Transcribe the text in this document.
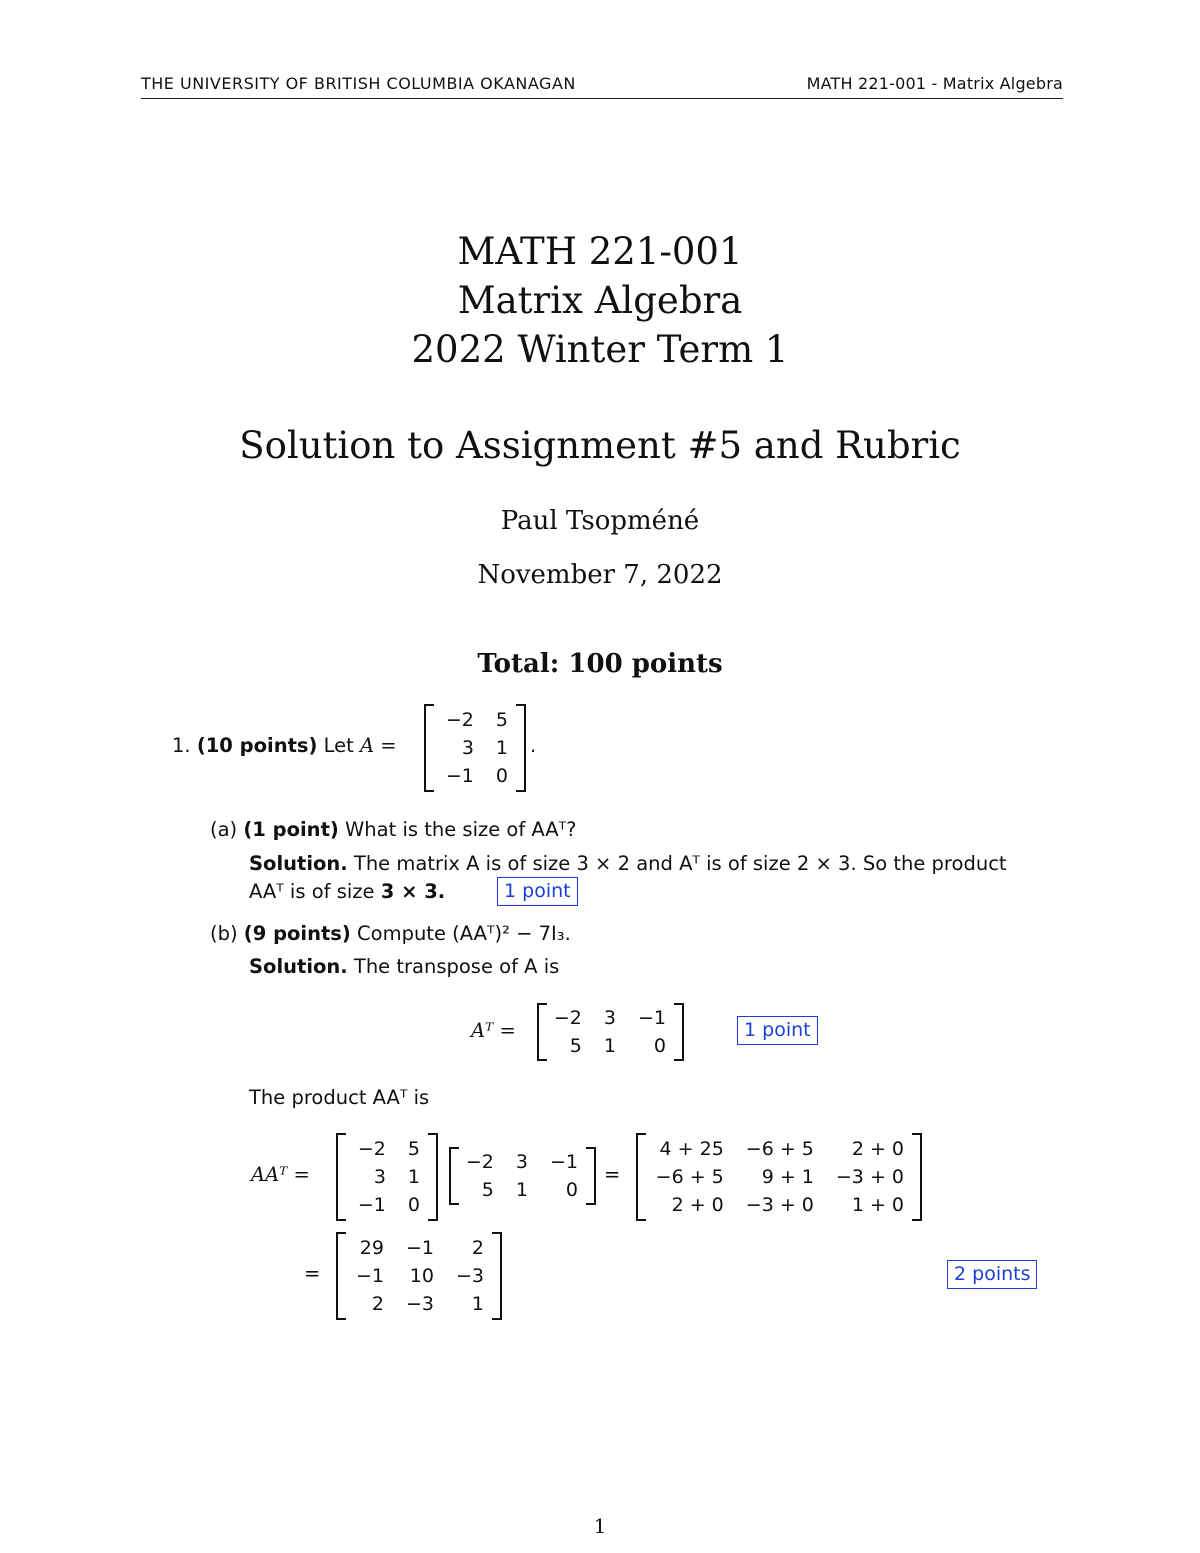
THE UNIVERSITY OF BRITISH COLUMBIA OKANAGAN	MATH 221-001 - Matrix Algebra
MATH 221-001
Matrix Algebra
2022 Winter Term 1
Solution to Assignment #5 and Rubric
Paul Tsopméné
November 7, 2022
Total: 100 points
1. (10 points) Let A =
−2	5
3	1
−1	0
.
(a) (1 point) What is the size of AAᵀ?
Solution. The matrix A is of size 3 × 2 and Aᵀ is of size 2 × 3. So the product
AAᵀ is of size 3 × 3.	1 point
(b) (9 points) Compute (AAᵀ)² − 7I₃.
Solution. The transpose of A is
Aᵀ =
−2	3	−1
5	1	0
1 point
The product AAᵀ is
AAᵀ =
−2	5
3	1
−1	0
−2	3	−1
5	1	0
=
4 + 25	−6 + 5	2 + 0
−6 + 5	9 + 1	−3 + 0
2 + 0	−3 + 0	1 + 0
=
29	−1	2
−1	10	−3
2	−3	1
2 points
1
